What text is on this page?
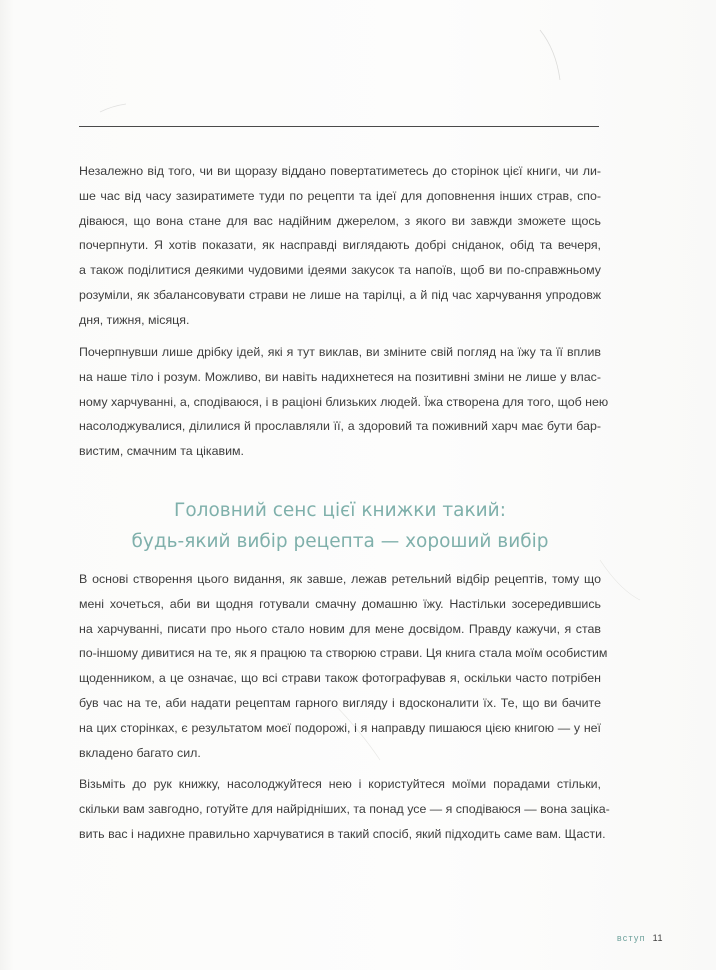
Незалежно від того, чи ви щоразу віддано повертатиметесь до сторінок цієї книги, чи ли-
ше час від часу зазиратимете туди по рецепти та ідеї для доповнення інших страв, спо-
діваюся, що вона стане для вас надійним джерелом, з якого ви завжди зможете щось
почерпнути. Я хотів показати, як насправді виглядають добрі сніданок, обід та вечеря,
а також поділитися деякими чудовими ідеями закусок та напоїв, щоб ви по-справжньому
розуміли, як збалансовувати страви не лише на тарілці, а й під час харчування упродовж
дня, тижня, місяця.
Почерпнувши лише дрібку ідей, які я тут виклав, ви зміните свій погляд на їжу та її вплив
на наше тіло і розум. Можливо, ви навіть надихнетеся на позитивні зміни не лише у влас-
ному харчуванні, а, сподіваюся, і в раціоні близьких людей. Їжа створена для того, щоб нею
насолоджувалися, ділилися й прославляли її, а здоровий та поживний харч має бути бар-
вистим, смачним та цікавим.
Головний сенс цієї книжки такий:
будь-який вибір рецепта — хороший вибір
В основі створення цього видання, як завше, лежав ретельний відбір рецептів, тому що
мені хочеться, аби ви щодня готували смачну домашню їжу. Настільки зосередившись
на харчуванні, писати про нього стало новим для мене досвідом. Правду кажучи, я став
по-іншому дивитися на те, як я працюю та створюю страви. Ця книга стала моїм особистим
щоденником, а це означає, що всі страви також фотографував я, оскільки часто потрібен
був час на те, аби надати рецептам гарного вигляду і вдосконалити їх. Те, що ви бачите
на цих сторінках, є результатом моєї подорожі, і я направду пишаюся цією книгою — у неї
вкладено багато сил.
Візьміть до рук книжку, насолоджуйтеся нею і користуйтеся моїми порадами стільки,
скільки вам завгодно, готуйте для найрідніших, та понад усе — я сподіваюся — вона заціка-
вить вас і надихне правильно харчуватися в такий спосіб, який підходить саме вам. Щасти.
вступ 11
